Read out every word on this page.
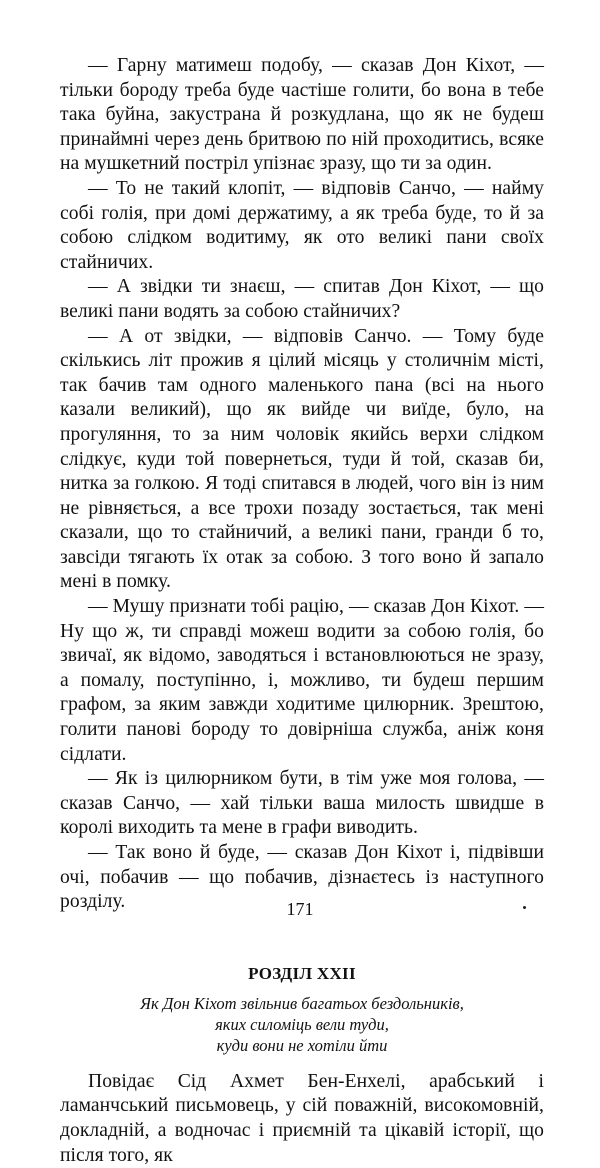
— Гарну матимеш подобу, — сказав Дон Кіхот, — тільки бороду треба буде частіше голити, бо вона в тебе така буйна, закустрана й розкудлана, що як не будеш принаймні через день бритвою по ній проходитись, всяке на мушкетний постріл упізнає зразу, що ти за один.

— То не такий клопіт, — відповів Санчо, — найму собі голія, при домі держатиму, а як треба буде, то й за собою слідком водитиму, як ото великі пани своїх стайничих.

— А звідки ти знаєш, — спитав Дон Кіхот, — що великі пани водять за собою стайничих?

— А от звідки, — відповів Санчо. — Тому буде скількись літ прожив я цілий місяць у столичнім місті, так бачив там одного маленького пана (всі на нього казали великий), що як вийде чи виїде, було, на прогуляння, то за ним чоловік якийсь верхи слідком слідкує, куди той повернеться, туди й той, сказав би, нитка за голкою. Я тоді спитався в людей, чого він із ним не рівняється, а все трохи позаду зостається, так мені сказали, що то стайничий, а великі пани, гранди б то, завсіди тягають їх отак за собою. З того воно й запало мені в помку.

— Мушу признати тобі рацію, — сказав Дон Кіхот. — Ну що ж, ти справді можеш водити за собою голія, бо звичаї, як відомо, заводяться і встановлюються не зразу, а помалу, поступінно, і, можливо, ти будеш першим графом, за яким завжди ходитиме цилюрник. Зрештою, голити панові бороду то довірніша служба, аніж коня сідлати.

— Як із цилюрником бути, в тім уже моя голова, — сказав Санчо, — хай тільки ваша милость швидше в королі виходить та мене в графи виводить.

— Так воно й буде, — сказав Дон Кіхот і, підвівши очі, побачив — що побачив, дізнаєтесь із наступного розділу.

РОЗДІЛ XXII
Як Дон Кіхот звільнив багатьох бездольників,
яких силоміць вели туди,
куди вони не хотіли йти

Повідає Сід Ахмет Бен-Енхелі, арабський і ламанчський письмовець, у сій поважній, високомовній, докладній, а водночас і приємній та цікавій історії, що після того, як

171
